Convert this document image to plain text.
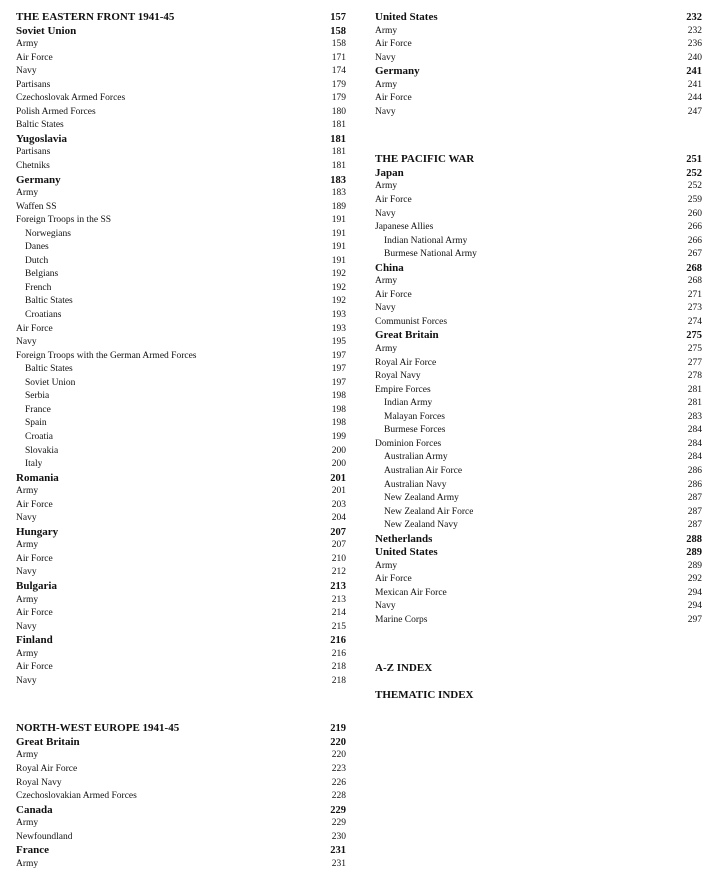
THE EASTERN FRONT 1941-45	157
Soviet Union	158
Army	158
Air Force	171
Navy	174
Partisans	179
Czechoslovak Armed Forces	179
Polish Armed Forces	180
Baltic States	181
Yugoslavia	181
Partisans	181
Chetniks	181
Germany	183
Army	183
Waffen SS	189
Foreign Troops in the SS	191
Norwegians	191
Danes	191
Dutch	191
Belgians	192
French	192
Baltic States	192
Croatians	193
Air Force	193
Navy	195
Foreign Troops with the German Armed Forces	197
Baltic States	197
Soviet Union	197
Serbia	198
France	198
Spain	198
Croatia	199
Slovakia	200
Italy	200
Romania	201
Army	201
Air Force	203
Navy	204
Hungary	207
Army	207
Air Force	210
Navy	212
Bulgaria	213
Army	213
Air Force	214
Navy	215
Finland	216
Army	216
Air Force	218
Navy	218
NORTH-WEST EUROPE 1941-45	219
Great Britain	220
Army	220
Royal Air Force	223
Royal Navy	226
Czechoslovakian Armed Forces	228
Canada	229
Army	229
Newfoundland	230
France	231
Army	231
United States	232
Army	232
Air Force	236
Navy	240
Germany	241
Army	241
Air Force	244
Navy	247
THE PACIFIC WAR	251
Japan	252
Army	252
Air Force	259
Navy	260
Japanese Allies	266
Indian National Army	266
Burmese National Army	267
China	268
Army	268
Air Force	271
Navy	273
Communist Forces	274
Great Britain	275
Army	275
Royal Air Force	277
Royal Navy	278
Empire Forces	281
Indian Army	281
Malayan Forces	283
Burmese Forces	284
Dominion Forces	284
Australian Army	284
Australian Air Force	286
Australian Navy	286
New Zealand Army	287
New Zealand Air Force	287
New Zealand Navy	287
Netherlands	288
United States	289
Army	289
Air Force	292
Mexican Air Force	294
Navy	294
Marine Corps	297
A-Z INDEX
THEMATIC INDEX
